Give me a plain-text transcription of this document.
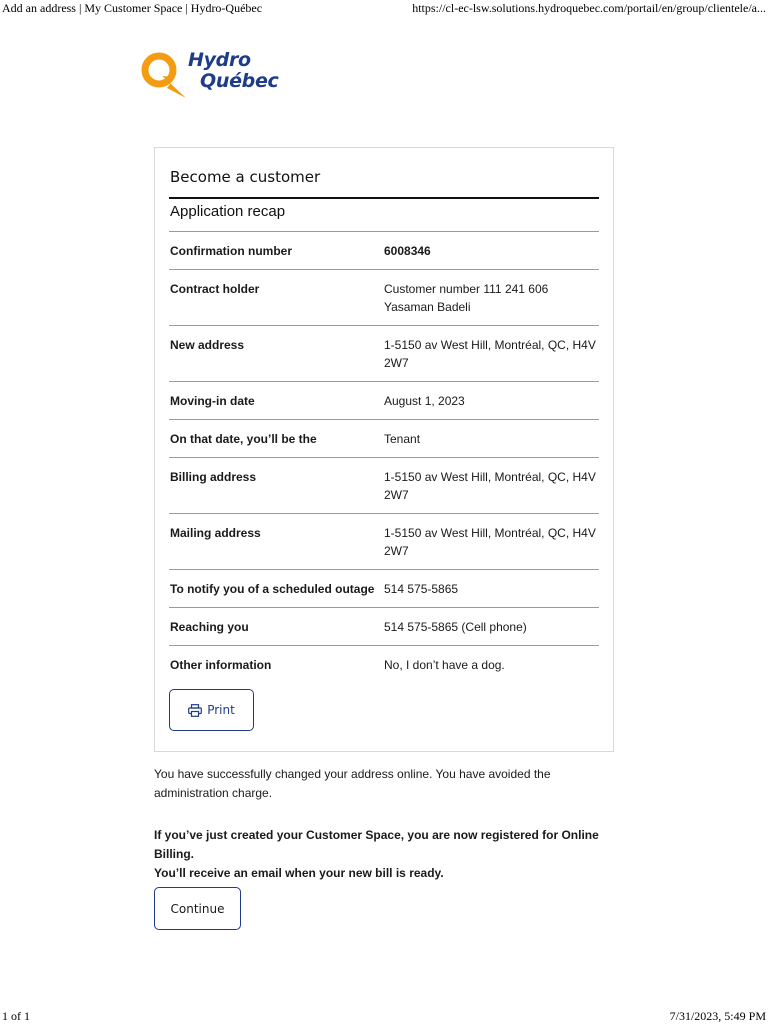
Add an address | My Customer Space | Hydro-Québec	https://cl-ec-lsw.solutions.hydroquebec.com/portail/en/group/clientele/a...
Hydro
Québec
Become a customer
Application recap
Confirmation number	6008346
Contract holder	Customer number 111 241 606
Yasaman Badeli
New address	1-5150 av West Hill, Montréal, QC, H4V 2W7
Moving-in date	August 1, 2023
On that date, you’ll be the	Tenant
Billing address	1-5150 av West Hill, Montréal, QC, H4V 2W7
Mailing address	1-5150 av West Hill, Montréal, QC, H4V 2W7
To notify you of a scheduled outage 514 575-5865
Reaching you	514 575-5865 (Cell phone)
Other information	No, I don’t have a dog.
Print

You have successfully changed your address online. You have avoided the administration charge.

If you’ve just created your Customer Space, you are now registered for Online Billing.
You’ll receive an email when your new bill is ready.
Continue
1 of 1	7/31/2023, 5:49 PM
